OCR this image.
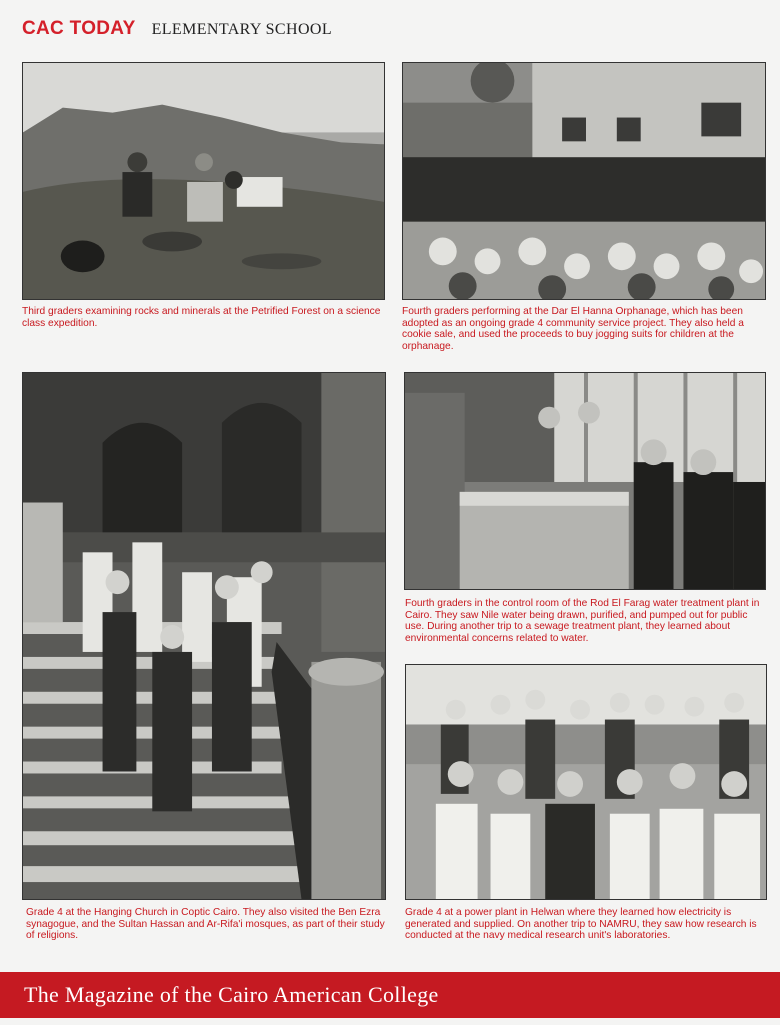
CAC TODAY ELEMENTARY SCHOOL

Third graders examining rocks and minerals at the Petrified Forest on a science class expedition.

Fourth graders performing at the Dar El Hanna Orphanage, which has been adopted as an ongoing grade 4 community service project. They also held a cookie sale, and used the proceeds to buy jogging suits for children at the orphanage.

Grade 4 at the Hanging Church in Coptic Cairo. They also visited the Ben Ezra synagogue, and the Sultan Hassan and Ar-Rifa'i mosques, as part of their study of religions.

Fourth graders in the control room of the Rod El Farag water treatment plant in Cairo. They saw Nile water being drawn, purified, and pumped out for public use. During another trip to a sewage treatment plant, they learned about environmental concerns related to water.

Grade 4 at a power plant in Helwan where they learned how electricity is generated and supplied. On another trip to NAMRU, they saw how research is conducted at the navy medical research unit's laboratories.

The Magazine of the Cairo American College
